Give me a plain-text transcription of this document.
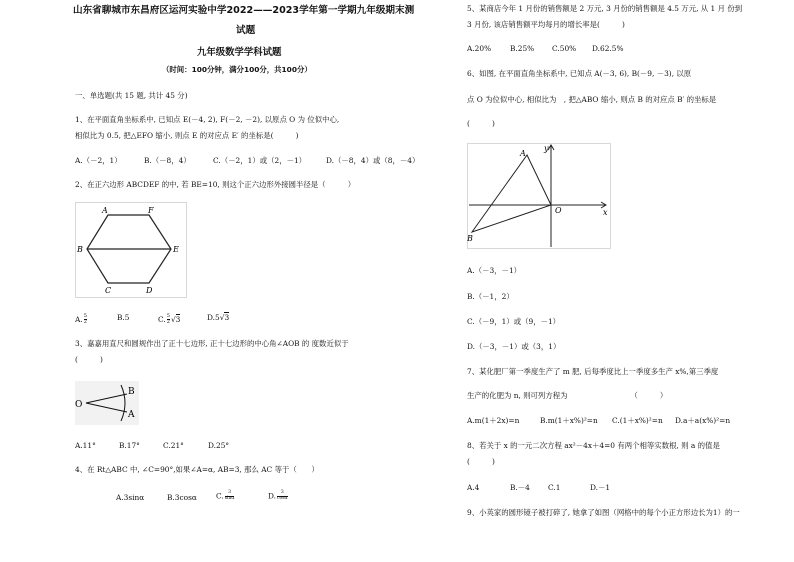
山东省聊城市东昌府区运河实验中学2022——2023学年第一学期九年级期末测
试题
九年级数学学科试题
（时间：100分钟，满分100分，共100分）
一、单选题(共 15 题, 共计 45 分)
1、在平面直角坐标系中, 已知点 E(－4, 2), F(－2, －2), 以原点 O 为 位似中心,
相似比为 0.5, 把△EFO 缩小, 则点 E 的对应点 E′ 的坐标是(　　　)
A.（－2，1）	B.（－8，4）	C.（－2，1）或（2，－1）	D.（－8，4）或（8，－4）
2、在正六边形 ABCDEF 的中, 若 BE=10, 则这个正六边形外接圆半径是（　　　）
A	F
B	E
C	D
A. $\frac{5}{2}$	B.5	C. $\frac{5}{2} √3$	D.5√3
3、嘉嘉用直尺和圆规作出了正十七边形, 正十七边形的中心角∠AOB 的 度数近似于
(　　　)
O
B
A
A.11°	B.17°	C.21°	D.25°
4、在 Rt△ABC 中, ∠C=90°,如果∠A=α, AB=3, 那么 AC 等于（　　）
A.3sinα	B.3cosα	C. $\frac{3}{\sin\alpha}$	D. $\frac{3}{\cos\alpha}$
5、某商店今年 1 月份的销售额是 2 万元, 3 月份的销售额是 4.5 万元, 从 1 月 份到
3 月份, 该店销售额平均每月的增长率是(　　　)
A.20%	B.25% C.50% D.62.5%
6、如图, 在平面直角坐标系中, 已知点 A(－3, 6), B(－9, －3), 以原
点 O 为位似中心, 相似比为　, 把△ABO 缩小, 则点 B 的对应点 B′ 的坐标是
(　　　)
A
B
O	x
y
A.（－3，－1）
B.（－1，2）
C.（－9，1）或（9，－1）
D.（－3，－1）或（3，1）
7、某化肥厂第一季度生产了 m 肥, 后每季度比上一季度多生产 x%,第三季度
生产的化肥为 n, 则可列方程为　　　　　　　　　（　　　）
A.m(1＋2x)=n	B.m(1＋x%)²=n C.(1＋x%)²=n D.a＋a(x%)²=n
8、若关于 x 的一元二次方程 ax²－4x＋4=0 有两个相等实数根, 则 a 的值是
(　　　)
A.4	B.－4 C.1	D.－1
9、小英家的圆形镜子被打碎了, 她拿了如图（网格中的每个小正方形边长为1）的一
